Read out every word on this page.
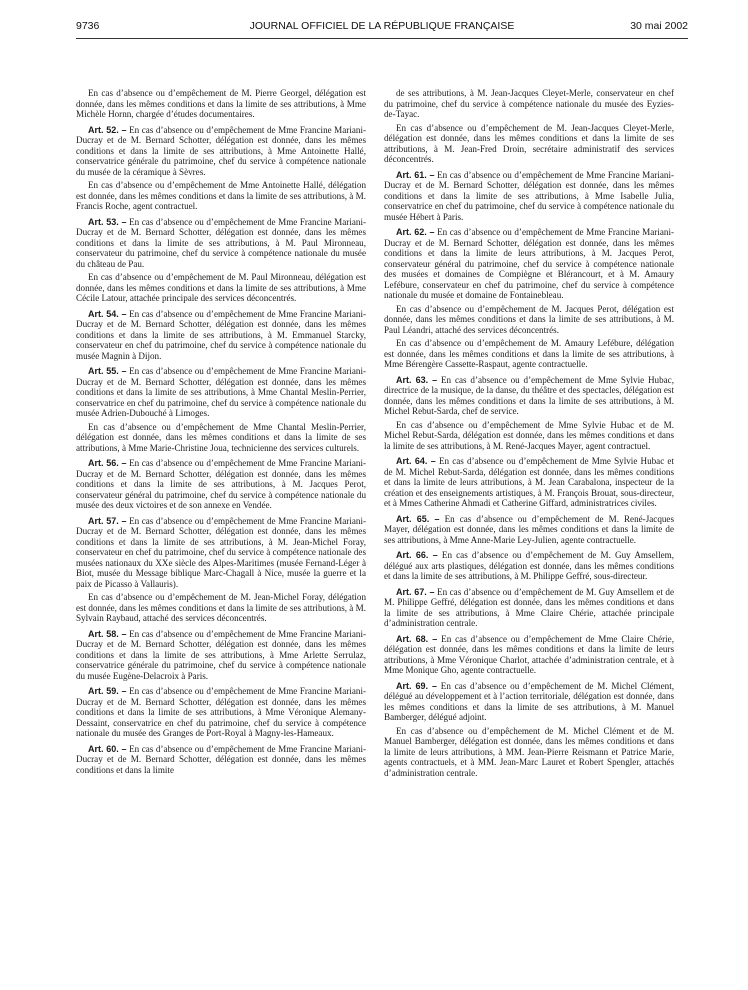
9736	JOURNAL OFFICIEL DE LA RÉPUBLIQUE FRANÇAISE	30 mai 2002

En cas d’absence ou d’empêchement de M. Pierre Georgel, délégation est donnée, dans les mêmes conditions et dans la limite de ses attributions, à Mme Michèle Hornn, chargée d’études documentaires.

Art. 52. – En cas d’absence ou d’empêchement de Mme Francine Mariani-Ducray et de M. Bernard Schotter, délégation est donnée, dans les mêmes conditions et dans la limite de ses attributions, à Mme Antoinette Hallé, conservatrice générale du patrimoine, chef du service à compétence nationale du musée de la céramique à Sèvres.

En cas d’absence ou d’empêchement de Mme Antoinette Hallé, délégation est donnée, dans les mêmes conditions et dans la limite de ses attributions, à M. Francis Roche, agent contractuel.

Art. 53. – En cas d’absence ou d’empêchement de Mme Francine Mariani-Ducray et de M. Bernard Schotter, délégation est donnée, dans les mêmes conditions et dans la limite de ses attributions, à M. Paul Mironneau, conservateur du patrimoine, chef du service à compétence nationale du musée du château de Pau.

En cas d’absence ou d’empêchement de M. Paul Mironneau, délégation est donnée, dans les mêmes conditions et dans la limite de ses attributions, à Mme Cécile Latour, attachée principale des services déconcentrés.

Art. 54. – En cas d’absence ou d’empêchement de Mme Francine Mariani-Ducray et de M. Bernard Schotter, délégation est donnée, dans les mêmes conditions et dans la limite de ses attributions, à M. Emmanuel Starcky, conservateur en chef du patrimoine, chef du service à compétence nationale du musée Magnin à Dijon.

Art. 55. – En cas d’absence ou d’empêchement de Mme Francine Mariani-Ducray et de M. Bernard Schotter, délégation est donnée, dans les mêmes conditions et dans la limite de ses attributions, à Mme Chantal Meslin-Perrier, conservatrice en chef du patrimoine, chef du service à compétence nationale du musée Adrien-Dubouché à Limoges.

En cas d’absence ou d’empêchement de Mme Chantal Meslin-Perrier, délégation est donnée, dans les mêmes conditions et dans la limite de ses attributions, à Mme Marie-Christine Joua, technicienne des services culturels.

Art. 56. – En cas d’absence ou d’empêchement de Mme Francine Mariani-Ducray et de M. Bernard Schotter, délégation est donnée, dans les mêmes conditions et dans la limite de ses attributions, à M. Jacques Perot, conservateur général du patrimoine, chef du service à compétence nationale du musée des deux victoires et de son annexe en Vendée.

Art. 57. – En cas d’absence ou d’empêchement de Mme Francine Mariani-Ducray et de M. Bernard Schotter, délégation est donnée, dans les mêmes conditions et dans la limite de ses attributions, à M. Jean-Michel Foray, conservateur en chef du patrimoine, chef du service à compétence nationale des musées nationaux du XXe siècle des Alpes-Maritimes (musée Fernand-Léger à Biot, musée du Message biblique Marc-Chagall à Nice, musée la guerre et la paix de Picasso à Vallauris).

En cas d’absence ou d’empêchement de M. Jean-Michel Foray, délégation est donnée, dans les mêmes conditions et dans la limite de ses attributions, à M. Sylvain Raybaud, attaché des services déconcentrés.

Art. 58. – En cas d’absence ou d’empêchement de Mme Francine Mariani-Ducray et de M. Bernard Schotter, délégation est donnée, dans les mêmes conditions et dans la limite de ses attributions, à Mme Arlette Serrulaz, conservatrice générale du patrimoine, chef du service à compétence nationale du musée Eugène-Delacroix à Paris.

Art. 59. – En cas d’absence ou d’empêchement de Mme Francine Mariani-Ducray et de M. Bernard Schotter, délégation est donnée, dans les mêmes conditions et dans la limite de ses attributions, à Mme Véronique Alemany-Dessaint, conservatrice en chef du patrimoine, chef du service à compétence nationale du musée des Granges de Port-Royal à Magny-les-Hameaux.

Art. 60. – En cas d’absence ou d’empêchement de Mme Francine Mariani-Ducray et de M. Bernard Schotter, délégation est donnée, dans les mêmes conditions et dans la limite

de ses attributions, à M. Jean-Jacques Cleyet-Merle, conservateur en chef du patrimoine, chef du service à compétence nationale du musée des Eyzies-de-Tayac.

En cas d’absence ou d’empêchement de M. Jean-Jacques Cleyet-Merle, délégation est donnée, dans les mêmes conditions et dans la limite de ses attributions, à M. Jean-Fred Droin, secrétaire administratif des services déconcentrés.

Art. 61. – En cas d’absence ou d’empêchement de Mme Francine Mariani-Ducray et de M. Bernard Schotter, délégation est donnée, dans les mêmes conditions et dans la limite de ses attributions, à Mme Isabelle Julia, conservatrice en chef du patrimoine, chef du service à compétence nationale du musée Hébert à Paris.

Art. 62. – En cas d’absence ou d’empêchement de Mme Francine Mariani-Ducray et de M. Bernard Schotter, délégation est donnée, dans les mêmes conditions et dans la limite de leurs attributions, à M. Jacques Perot, conservateur général du patrimoine, chef du service à compétence nationale des musées et domaines de Compiègne et Blérancourt, et à M. Amaury Lefébure, conservateur en chef du patrimoine, chef du service à compétence nationale du musée et domaine de Fontainebleau.

En cas d’absence ou d’empêchement de M. Jacques Perot, délégation est donnée, dans les mêmes conditions et dans la limite de ses attributions, à M. Paul Léandri, attaché des services déconcentrés.

En cas d’absence ou d’empêchement de M. Amaury Lefébure, délégation est donnée, dans les mêmes conditions et dans la limite de ses attributions, à Mme Bérengère Cassette-Raspaut, agente contractuelle.

Art. 63. – En cas d’absence ou d’empêchement de Mme Sylvie Hubac, directrice de la musique, de la danse, du théâtre et des spectacles, délégation est donnée, dans les mêmes conditions et dans la limite de ses attributions, à M. Michel Rebut-Sarda, chef de service.

En cas d’absence ou d’empêchement de Mme Sylvie Hubac et de M. Michel Rebut-Sarda, délégation est donnée, dans les mêmes conditions et dans la limite de ses attributions, à M. René-Jacques Mayer, agent contractuel.

Art. 64. – En cas d’absence ou d’empêchement de Mme Sylvie Hubac et de M. Michel Rebut-Sarda, délégation est donnée, dans les mêmes conditions et dans la limite de leurs attributions, à M. Jean Carabalona, inspecteur de la création et des enseignements artistiques, à M. François Brouat, sous-directeur, et à Mmes Catherine Ahmadi et Catherine Giffard, administratrices civiles.

Art. 65. – En cas d’absence ou d’empêchement de M. René-Jacques Mayer, délégation est donnée, dans les mêmes conditions et dans la limite de ses attributions, à Mme Anne-Marie Ley-Julien, agente contractuelle.

Art. 66. – En cas d’absence ou d’empêchement de M. Guy Amsellem, délégué aux arts plastiques, délégation est donnée, dans les mêmes conditions et dans la limite de ses attributions, à M. Philippe Geffré, sous-directeur.

Art. 67. – En cas d’absence ou d’empêchement de M. Guy Amsellem et de M. Philippe Geffré, délégation est donnée, dans les mêmes conditions et dans la limite de ses attributions, à Mme Claire Chérie, attachée principale d’administration centrale.

Art. 68. – En cas d’absence ou d’empêchement de Mme Claire Chérie, délégation est donnée, dans les mêmes conditions et dans la limite de leurs attributions, à Mme Véronique Charlot, attachée d’administration centrale, et à Mme Monique Gho, agente contractuelle.

Art. 69. – En cas d’absence ou d’empêchement de M. Michel Clément, délégué au développement et à l’action territoriale, délégation est donnée, dans les mêmes conditions et dans la limite de ses attributions, à M. Manuel Bamberger, délégué adjoint.

En cas d’absence ou d’empêchement de M. Michel Clément et de M. Manuel Bamberger, délégation est donnée, dans les mêmes conditions et dans la limite de leurs attributions, à MM. Jean-Pierre Reismann et Patrice Marie, agents contractuels, et à MM. Jean-Marc Lauret et Robert Spengler, attachés d’administration centrale.
